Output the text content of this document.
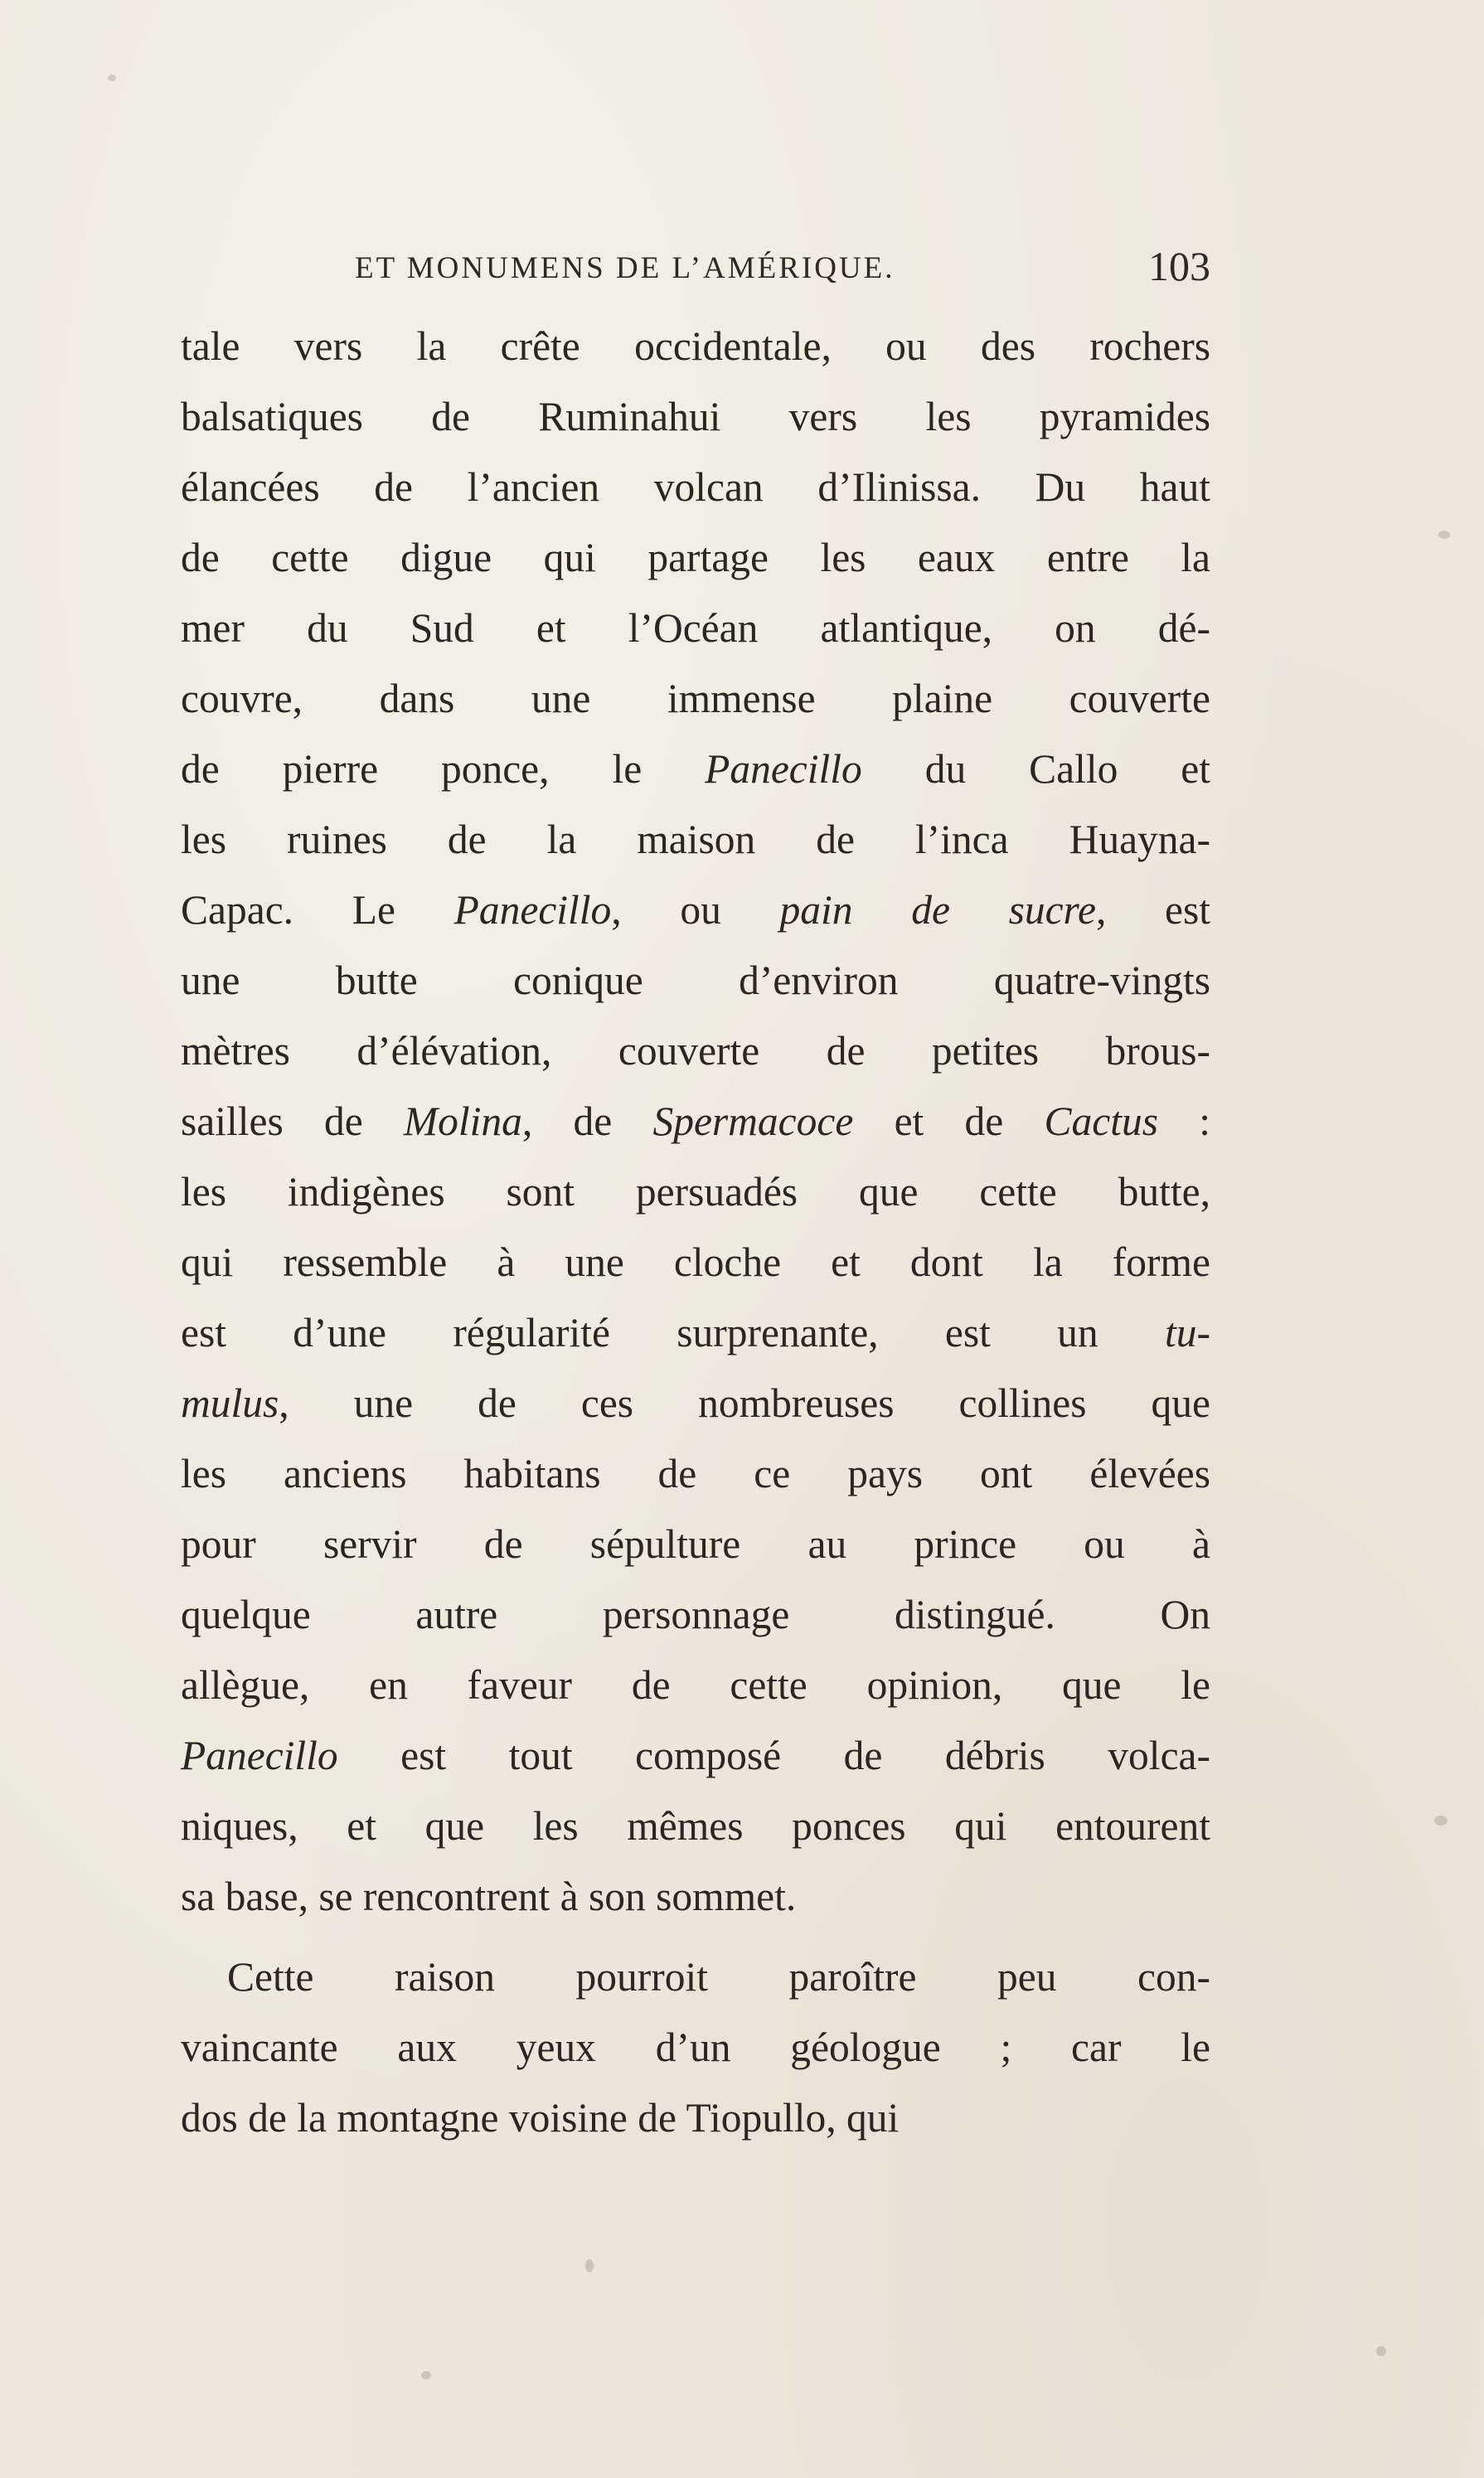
ET MONUMENS DE L’AMÉRIQUE.	103
tale vers la crête occidentale, ou des rochers
balsatiques de Ruminahui vers les pyramides
élancées de l’ancien volcan d’Ilinissa. Du haut
de cette digue qui partage les eaux entre la
mer du Sud et l’Océan atlantique, on dé-
couvre, dans une immense plaine couverte
de pierre ponce, le Panecillo du Callo et
les ruines de la maison de l’inca Huayna-
Capac. Le Panecillo, ou pain de sucre, est
une butte conique d’environ quatre-vingts
mètres d’élévation, couverte de petites brous-
sailles de Molina, de Spermacoce et de Cactus :
les indigènes sont persuadés que cette butte,
qui ressemble à une cloche et dont la forme
est d’une régularité surprenante, est un tu-
mulus, une de ces nombreuses collines que
les anciens habitans de ce pays ont élevées
pour servir de sépulture au prince ou à
quelque autre personnage distingué. On
allègue, en faveur de cette opinion, que le
Panecillo est tout composé de débris volca-
niques, et que les mêmes ponces qui entourent
sa base, se rencontrent à son sommet.
Cette raison pourroit paroître peu con-
vaincante aux yeux d’un géologue ; car le
dos de la montagne voisine de Tiopullo, qui
